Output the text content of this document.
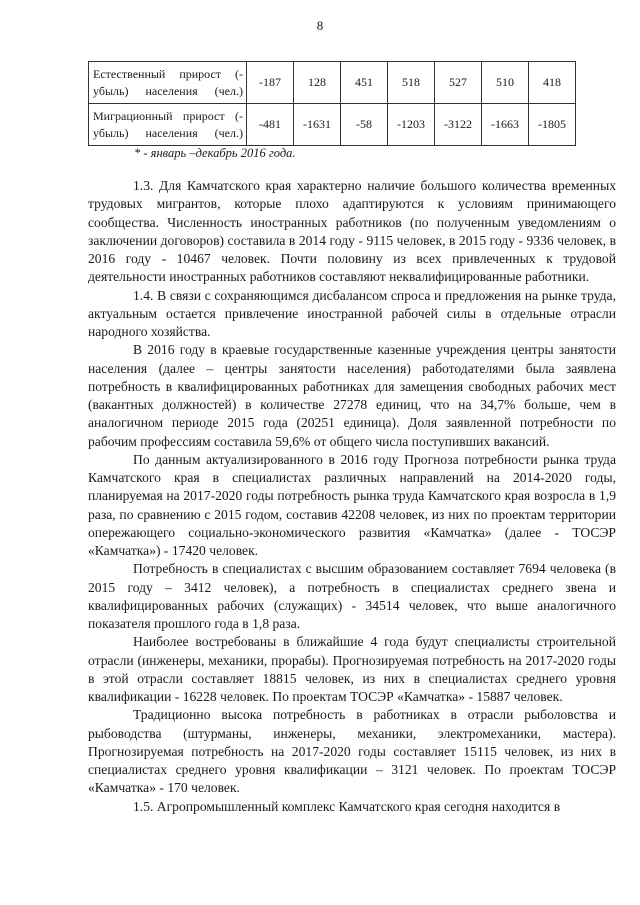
8
Естественный прирост (- убыль) населения (чел.)	-187	128	451	518	527	510	418
Миграционный прирост (- убыль) населения (чел.)	-481	-1631	-58	-1203	-3122	-1663	-1805
* - январь –декабрь 2016 года.

1.3. Для Камчатского края характерно наличие большого количества временных трудовых мигрантов, которые плохо адаптируются к условиям принимающего сообщества. Численность иностранных работников (по полученным уведомлениям о заключении договоров) составила в 2014 году - 9115 человек, в 2015 году - 9336 человек, в 2016 году - 10467 человек. Почти половину из всех привлеченных к трудовой деятельности иностранных работников составляют неквалифицированные работники.

1.4. В связи с сохраняющимся дисбалансом спроса и предложения на рынке труда, актуальным остается привлечение иностранной рабочей силы в отдельные отрасли народного хозяйства.

В 2016 году в краевые государственные казенные учреждения центры занятости населения (далее – центры занятости населения) работодателями была заявлена потребность в квалифицированных работниках для замещения свободных рабочих мест (вакантных должностей) в количестве 27278 единиц, что на 34,7% больше, чем в аналогичном периоде 2015 года (20251 единица). Доля заявленной потребности по рабочим профессиям составила 59,6% от общего числа поступивших вакансий.

По данным актуализированного в 2016 году Прогноза потребности рынка труда Камчатского края в специалистах различных направлений на 2014-2020 годы, планируемая на 2017-2020 годы потребность рынка труда Камчатского края возросла в 1,9 раза, по сравнению с 2015 годом, составив 42208 человек, из них по проектам территории опережающего социально-экономического развития «Камчатка» (далее - ТОСЭР «Камчатка») - 17420 человек.

Потребность в специалистах с высшим образованием составляет 7694 человека (в 2015 году – 3412 человек), а потребность в специалистах среднего звена и квалифицированных рабочих (служащих) - 34514 человек, что выше аналогичного показателя прошлого года в 1,8 раза.

Наиболее востребованы в ближайшие 4 года будут специалисты строительной отрасли (инженеры, механики, прорабы). Прогнозируемая потребность на 2017-2020 годы в этой отрасли составляет 18815 человек, из них в специалистах среднего уровня квалификации - 16228 человек. По проектам ТОСЭР «Камчатка» - 15887 человек.

Традиционно высока потребность в работниках в отрасли рыболовства и рыбоводства (штурманы, инженеры, механики, электромеханики, мастера). Прогнозируемая потребность на 2017-2020 годы составляет 15115 человек, из них в специалистах среднего уровня квалификации – 3121 человек. По проектам ТОСЭР «Камчатка» - 170 человек.

1.5. Агропромышленный комплекс Камчатского края сегодня находится в
